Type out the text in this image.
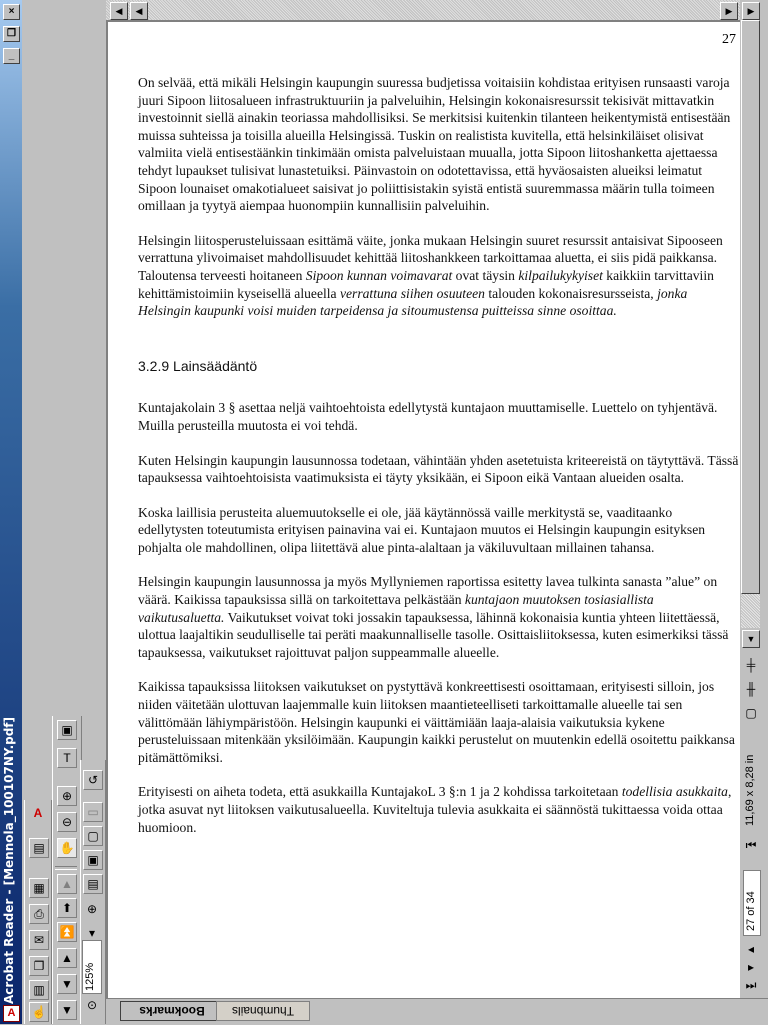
×
❐
_
Acrobat Reader - [Mennola_100107NY.pdf]
A
A
▤
▦
⎙
✉
❐
▥
☝
▣
T
⊕
⊖
✋
▲
⬆
⏫
▲
▼
▼
↺
▭
▢
▣
▤
⊕
▾
⊙
125%
◀	◀	▶
27

On selvää, että mikäli Helsingin kaupungin suuressa budjetissa voitaisiin kohdistaa erityisen runsaasti varoja juuri Sipoon liitosalueen infrastruktuuriin ja palveluihin, Helsingin kokonaisresurssit tekisivät mittavatkin investoinnit siellä ainakin teoriassa mahdollisiksi. Se merkitsisi kuitenkin tilanteen heikentymistä entisestään muissa suhteissa ja toisilla alueilla Helsingissä. Tuskin on realistista kuvitella, että helsinkiläiset olisivat valmiita vielä entisestäänkin tinkimään omista palveluistaan muualla, jotta Sipoon liitoshanketta ajettaessa tehdyt lupaukset tulisivat lunastetuiksi. Päinvastoin on odotettavissa, että hyväosaisten alueiksi leimatut Sipoon lounaiset omakotialueet saisivat jo poliittisistakin syistä entistä suuremmassa määrin tulla toimeen omillaan ja tyytyä aiempaa huonompiin kunnallisiin palveluihin.

Helsingin liitosperusteluissaan esittämä väite, jonka mukaan Helsingin suuret resurssit antaisivat Sipooseen verrattuna ylivoimaiset mahdollisuudet kehittää liitoshankkeen tarkoittamaa aluetta, ei siis pidä paikkansa. Taloutensa terveesti hoitaneen Sipoon kunnan voimavarat ovat täysin kilpailukykyiset kaikkiin tarvittaviin kehittämistoimiin kyseisellä alueella verrattuna siihen osuuteen talouden kokonaisresursseista, jonka Helsingin kaupunki voisi muiden tarpeidensa ja sitoumustensa puitteissa sinne osoittaa.

3.2.9 Lainsäädäntö

Kuntajakolain 3 § asettaa neljä vaihtoehtoista edellytystä kuntajaon muuttamiselle. Luettelo on tyhjentävä. Muilla perusteilla muutosta ei voi tehdä.

Kuten Helsingin kaupungin lausunnossa todetaan, vähintään yhden asetetuista kriteereistä on täytyttävä. Tässä tapauksessa vaihtoehtoisista vaatimuksista ei täyty yksikään, ei Sipoon eikä Vantaan alueiden osalta.

Koska laillisia perusteita aluemuutokselle ei ole, jää käytännössä vaille merkitystä se, vaaditaanko edellytysten toteutumista erityisen painavina vai ei. Kuntajaon muutos ei Helsingin kaupungin esityksen pohjalta ole mahdollinen, olipa liitettävä alue pinta-alaltaan ja väkiluvultaan millainen tahansa.

Helsingin kaupungin lausunnossa ja myös Myllyniemen raportissa esitetty lavea tulkinta sanasta ”alue” on väärä. Kaikissa tapauksissa sillä on tarkoitettava pelkästään kuntajaon muutoksen tosiasiallista vaikutusaluetta. Vaikutukset voivat toki jossakin tapauksessa, lähinnä kokonaisia kuntia yhteen liitettäessä, ulottua laajaltikin seudulliselle tai peräti maakunnalliselle tasolle. Osittaisliitoksessa, kuten esimerkiksi tässä tapauksessa, vaikutukset rajoittuvat paljon suppeammalle alueelle.

Kaikissa tapauksissa liitoksen vaikutukset on pystyttävä konkreettisesti osoittamaan, erityisesti silloin, jos niiden väitetään ulottuvan laajemmalle kuin liitoksen maantieteelliseti tarkoittamalle alueelle tai sen välittömään lähiympäristöön. Helsingin kaupunki ei väittämiään laaja-alaisia vaikutuksia kykene perusteluissaan mitenkään yksilöimään. Kaupungin kaikki perustelut on muutenkin edellä osoitettu paikkansa pitämättömiksi.

Erityisesti on aiheta todeta, että asukkailla KuntajakoL 3 §:n 1 ja 2 kohdissa tarkoitetaan todellisia asukkaita, jotka asuvat nyt liitoksen vaikutusalueella. Kuviteltuja tulevia asukkaita ei säännöstä tukittaessa voida ottaa huomioon.

▶
▼
╪
╫
▢
⏮
◂
▸
⏭
11,69 x 8,28 in
27 of 34
Bookmarks	Thumbnails
